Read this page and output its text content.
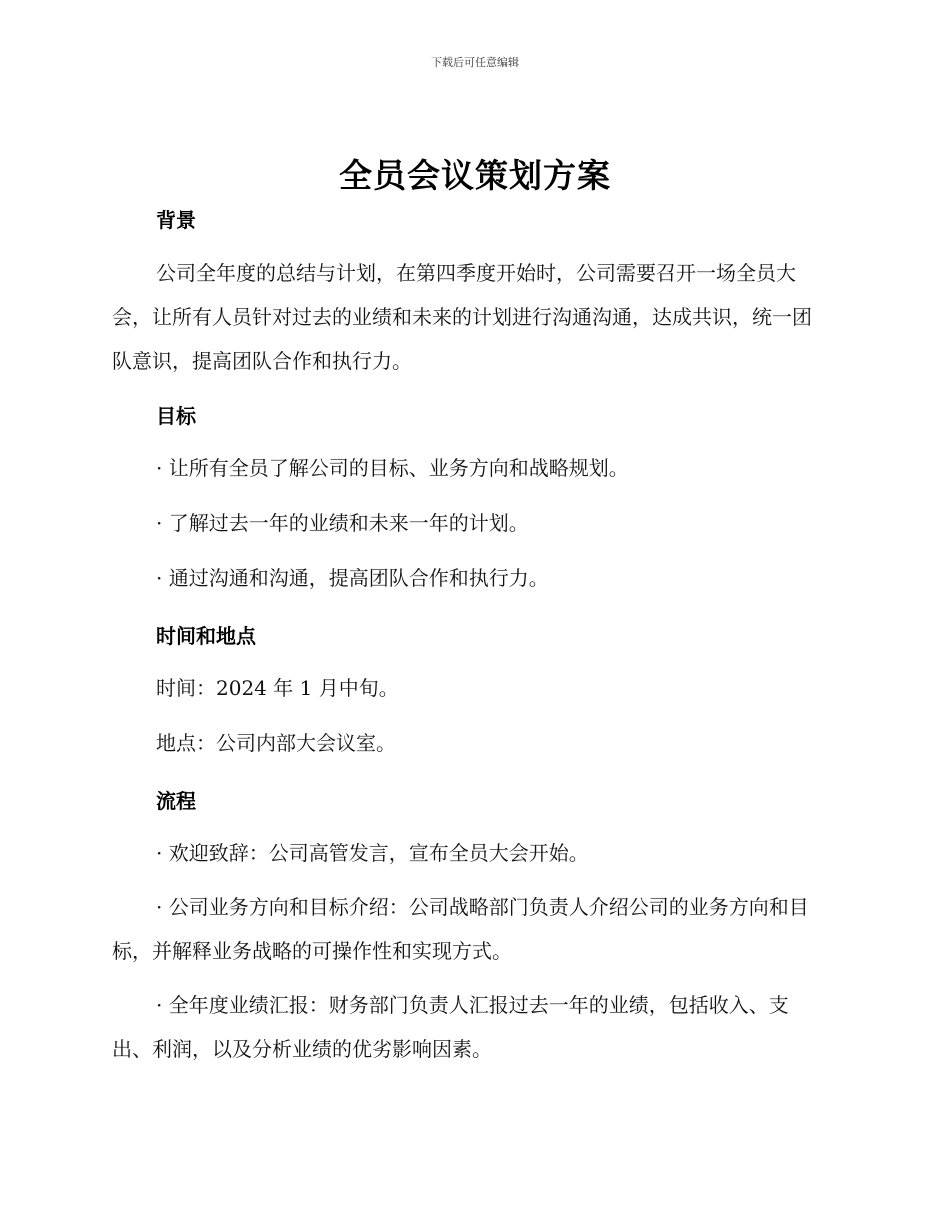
下载后可任意编辑
全员会议策划方案
背景

公司全年度的总结与计划，在第四季度开始时，公司需要召开一场全员大会，让所有人员针对过去的业绩和未来的计划进行沟通沟通，达成共识，统一团队意识，提高团队合作和执行力。

目标

· 让所有全员了解公司的目标、业务方向和战略规划。

· 了解过去一年的业绩和未来一年的计划。

· 通过沟通和沟通，提高团队合作和执行力。

时间和地点

时间：2024 年 1 月中旬。

地点：公司内部大会议室。

流程

· 欢迎致辞：公司高管发言，宣布全员大会开始。

· 公司业务方向和目标介绍：公司战略部门负责人介绍公司的业务方向和目标，并解释业务战略的可操作性和实现方式。

· 全年度业绩汇报：财务部门负责人汇报过去一年的业绩，包括收入、支出、利润，以及分析业绩的优劣影响因素。
